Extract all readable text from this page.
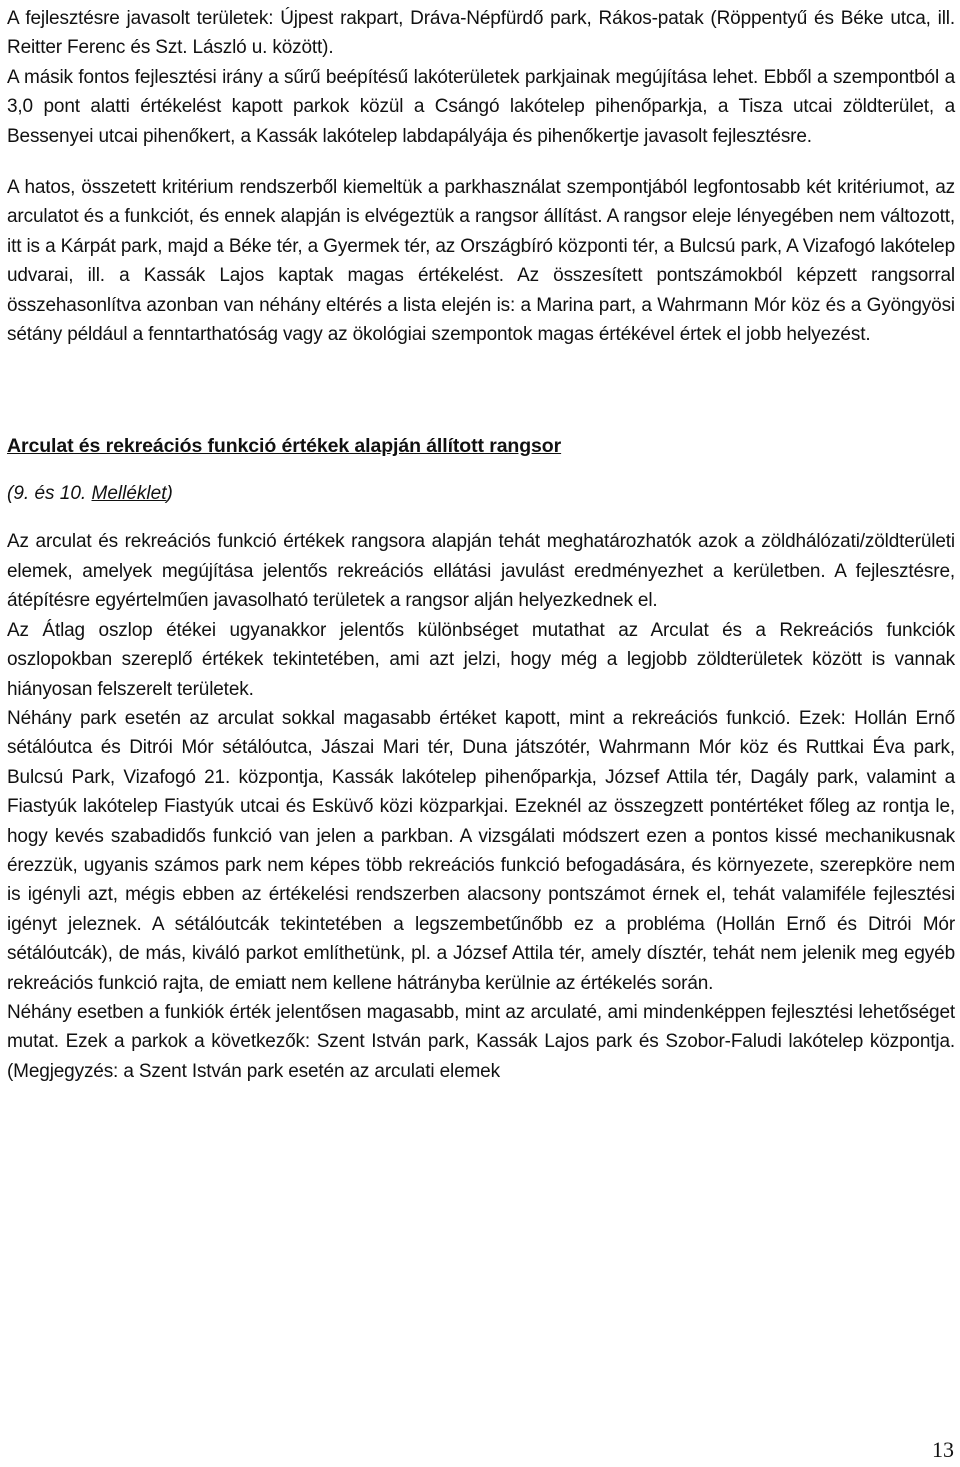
A fejlesztésre javasolt területek: Újpest rakpart, Dráva-Népfürdő park, Rákos-patak (Röppentyű és Béke utca, ill. Reitter Ferenc és Szt. László u. között).

A másik fontos fejlesztési irány a sűrű beépítésű lakóterületek parkjainak megújítása lehet. Ebből a szempontból a 3,0 pont alatti értékelést kapott parkok közül a Csángó lakótelep pihenőparkja, a Tisza utcai zöldterület, a Bessenyei utcai pihenőkert, a Kassák lakótelep labdapályája és pihenőkertje javasolt fejlesztésre.

A hatos, összetett kritérium rendszerből kiemeltük a parkhasználat szempontjából legfontosabb két kritériumot, az arculatot és a funkciót, és ennek alapján is elvégeztük a rangsor állítást. A rangsor eleje lényegében nem változott, itt is a Kárpát park, majd a Béke tér, a Gyermek tér, az Országbíró központi tér, a Bulcsú park, A Vizafogó lakótelep udvarai, ill. a Kassák Lajos kaptak magas értékelést. Az összesített pontszámokból képzett rangsorral összehasonlítva azonban van néhány eltérés a lista elején is: a Marina part, a Wahrmann Mór köz és a Gyöngyösi sétány például a fenntarthatóság vagy az ökológiai szempontok magas értékével értek el jobb helyezést.

Arculat és rekreációs funkció értékek alapján állított rangsor

(9. és 10. Melléklet)

Az arculat és rekreációs funkció értékek rangsora alapján tehát meghatározhatók azok a zöldhálózati/zöldterületi elemek, amelyek megújítása jelentős rekreációs ellátási javulást eredményezhet a kerületben. A fejlesztésre, átépítésre egyértelműen javasolható területek a rangsor alján helyezkednek el.

Az Átlag oszlop étékei ugyanakkor jelentős különbséget mutathat az Arculat és a Rekreációs funkciók oszlopokban szereplő értékek tekintetében, ami azt jelzi, hogy még a legjobb zöldterületek között is vannak hiányosan felszerelt területek.

Néhány park esetén az arculat sokkal magasabb értéket kapott, mint a rekreációs funkció. Ezek: Hollán Ernő sétálóutca és Ditrói Mór sétálóutca, Jászai Mari tér, Duna játszótér, Wahrmann Mór köz és Ruttkai Éva park, Bulcsú Park, Vizafogó 21. központja, Kassák lakótelep pihenőparkja, József Attila tér, Dagály park, valamint a Fiastyúk lakótelep Fiastyúk utcai és Esküvő közi közparkjai. Ezeknél az összegzett pontértéket főleg az rontja le, hogy kevés szabadidős funkció van jelen a parkban. A vizsgálati módszert ezen a pontos kissé mechanikusnak érezzük, ugyanis számos park nem képes több rekreációs funkció befogadására, és környezete, szerepköre nem is igényli azt, mégis ebben az értékelési rendszerben alacsony pontszámot érnek el, tehát valamiféle fejlesztési igényt jeleznek. A sétálóutcák tekintetében a legszembetűnőbb ez a probléma (Hollán Ernő és Ditrói Mór sétálóutcák), de más, kiváló parkot említhetünk, pl. a József Attila tér, amely dísztér, tehát nem jelenik meg egyéb rekreációs funkció rajta, de emiatt nem kellene hátrányba kerülnie az értékelés során.

Néhány esetben a funkiók érték jelentősen magasabb, mint az arculaté, ami mindenképpen fejlesztési lehetőséget mutat. Ezek a parkok a következők: Szent István park, Kassák Lajos park és Szobor-Faludi lakótelep központja. (Megjegyzés: a Szent István park esetén az arculati elemek

13
